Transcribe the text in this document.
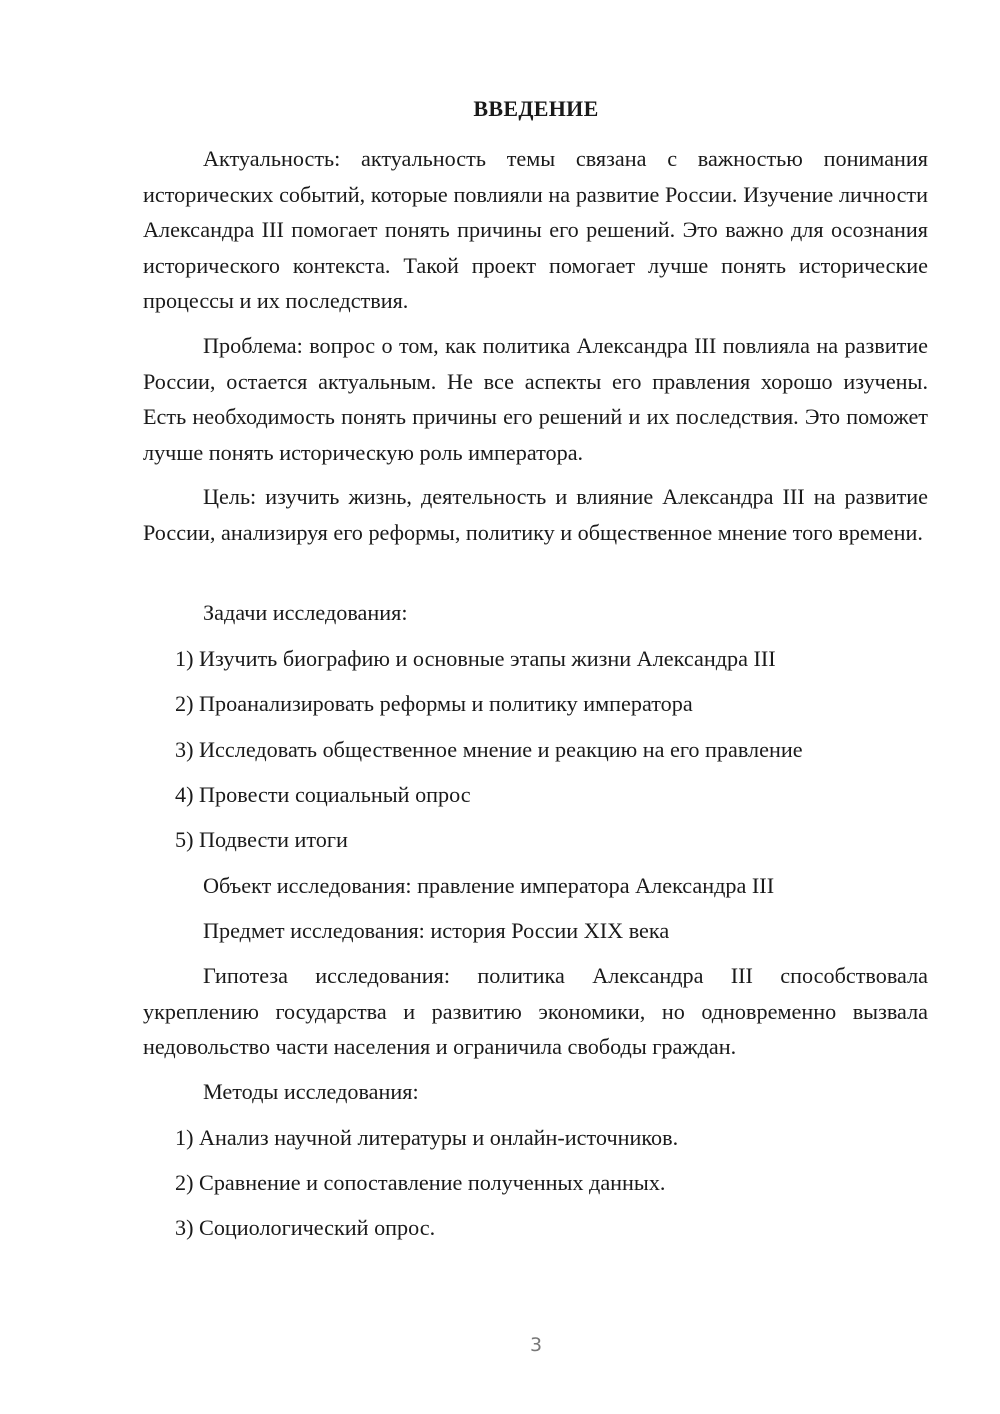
ВВЕДЕНИЕ

Актуальность: актуальность темы связана с важностью понимания исторических событий, которые повлияли на развитие России. Изучение личности Александра III помогает понять причины его решений. Это важно для осознания исторического контекста. Такой проект помогает лучше понять исторические процессы и их последствия.

Проблема: вопрос о том, как политика Александра III повлияла на развитие России, остается актуальным. Не все аспекты его правления хорошо изучены. Есть необходимость понять причины его решений и их последствия. Это поможет лучше понять историческую роль императора.

Цель: изучить жизнь, деятельность и влияние Александра III на развитие России, анализируя его реформы, политику и общественное мнение того времени.

Задачи исследования:
1) Изучить биографию и основные этапы жизни Александра III
2) Проанализировать реформы и политику императора
3) Исследовать общественное мнение и реакцию на его правление
4) Провести социальный опрос
5) Подвести итоги
Объект исследования: правление императора Александра III
Предмет исследования: история России XIX века

Гипотеза исследования: политика Александра III способствовала укреплению государства и развитию экономики, но одновременно вызвала недовольство части населения и ограничила свободы граждан.

Методы исследования:
1) Анализ научной литературы и онлайн-источников.
2) Сравнение и сопоставление полученных данных.
3) Социологический опрос.
3
